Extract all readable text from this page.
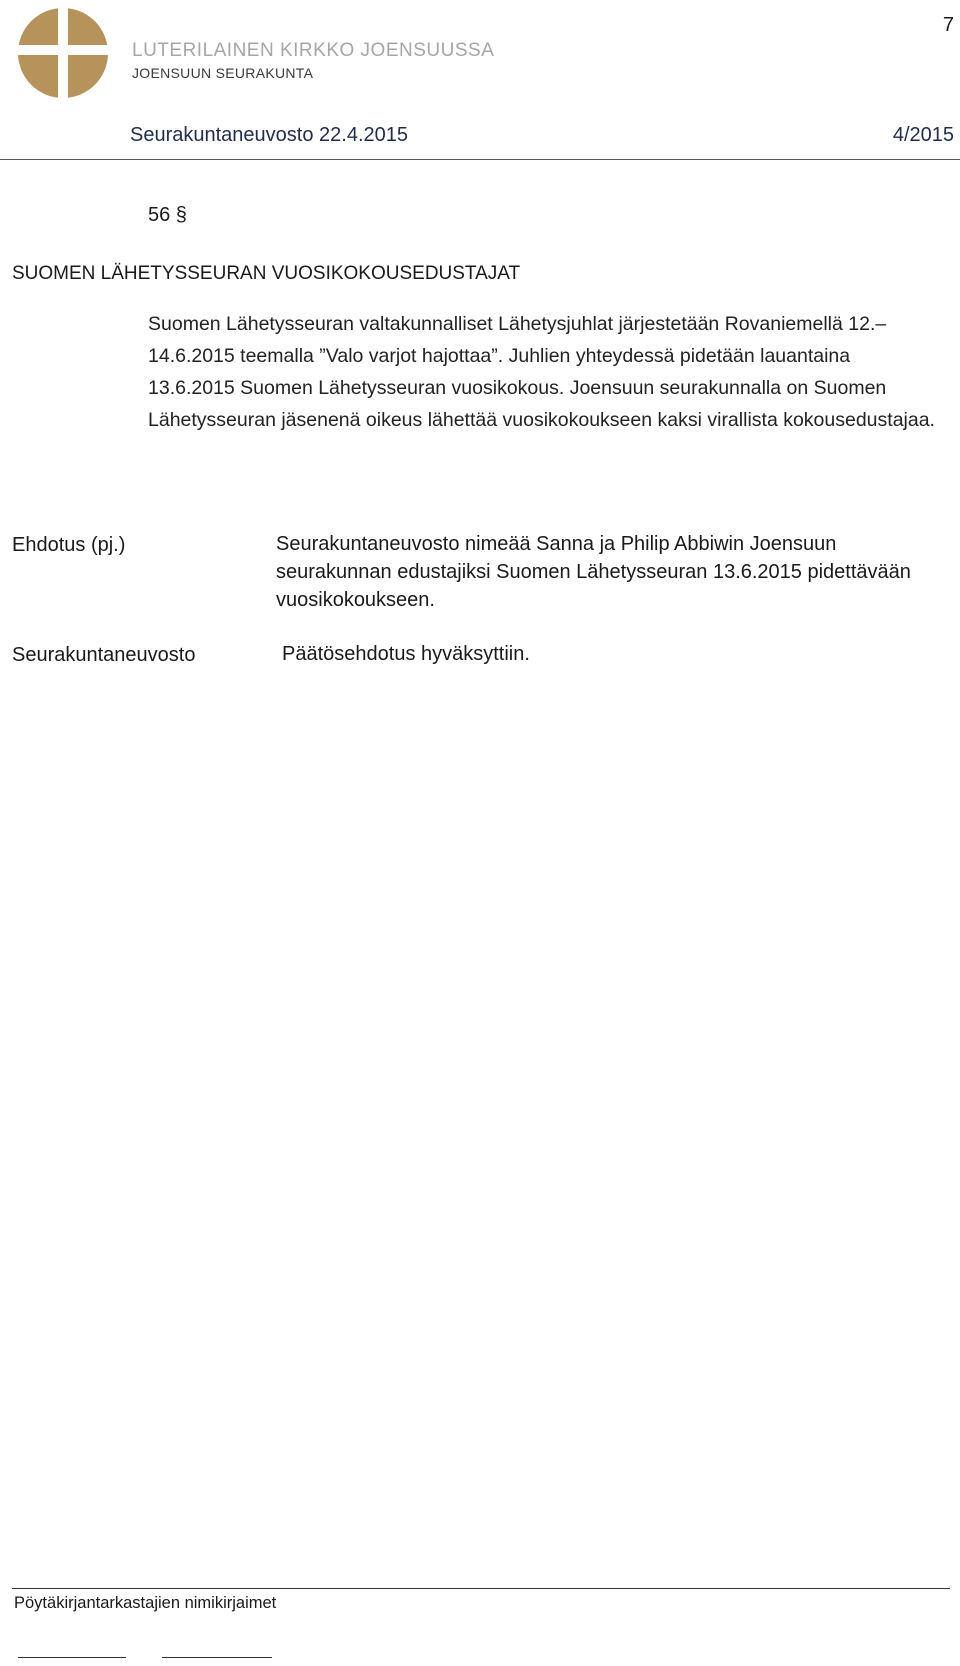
7
LUTERILAINEN KIRKKO JOENSUUSSA
JOENSUUN SEURAKUNTA
Seurakuntaneuvosto 22.4.2015	4/2015
56 §
SUOMEN LÄHETYSSEURAN VUOSIKOKOUSEDUSTAJAT
Suomen Lähetysseuran valtakunnalliset Lähetysjuhlat järjestetään Rovaniemellä 12.–14.6.2015 teemalla ”Valo varjot hajottaa”. Juhlien yhteydessä pidetään lauantaina 13.6.2015 Suomen Lähetysseuran vuosikokous. Joensuun seurakunnalla on Suomen Lähetysseuran jäsenenä oikeus lähettää vuosikokoukseen kaksi virallista kokousedustajaa.
Ehdotus (pj.)	Seurakuntaneuvosto nimeää Sanna ja Philip Abbiwin Joensuun seurakunnan edustajiksi Suomen Lähetysseuran 13.6.2015 pidettävään vuosikokoukseen.
Seurakuntaneuvosto	Päätösehdotus hyväksyttiin.
Pöytäkirjantarkastajien nimikirjaimet
